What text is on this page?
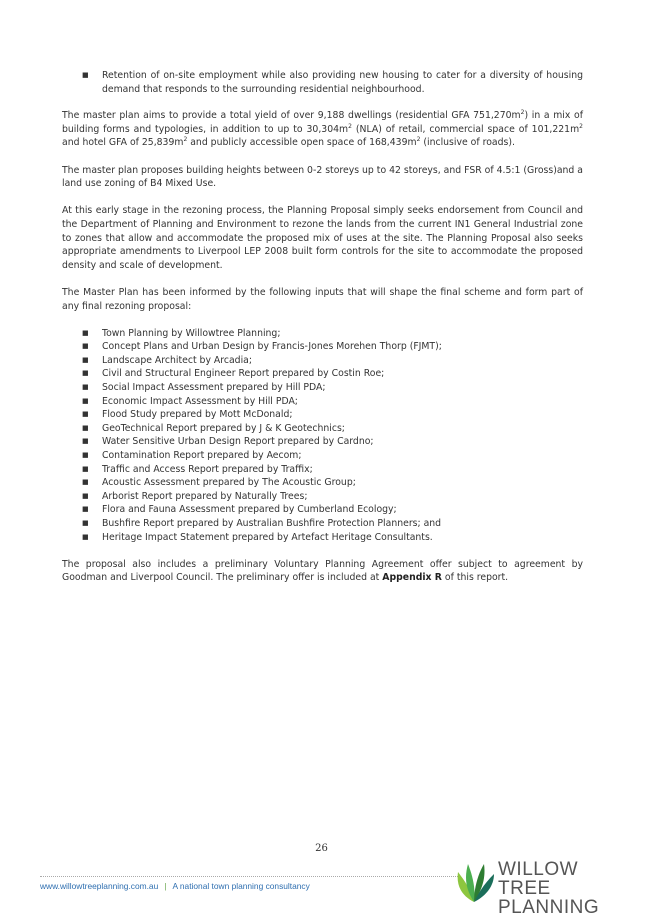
■ Retention of on-site employment while also providing new housing to cater for a diversity of housing demand that responds to the surrounding residential neighbourhood.

The master plan aims to provide a total yield of over 9,188 dwellings (residential GFA $751,270m^2$) in a mix of building forms and typologies, in addition to up to $30,304m^2$ (NLA) of retail, commercial space of $101,221m^2$ and hotel GFA of $25,839m^2$ and publicly accessible open space of $168,439m^2$ (inclusive of roads).

The master plan proposes building heights between 0-2 storeys up to 42 storeys, and FSR of 4.5:1 (Gross)and a land use zoning of B4 Mixed Use.

At this early stage in the rezoning process, the Planning Proposal simply seeks endorsement from Council and the Department of Planning and Environment to rezone the lands from the current IN1 General Industrial zone to zones that allow and accommodate the proposed mix of uses at the site. The Planning Proposal also seeks appropriate amendments to Liverpool LEP 2008 built form controls for the site to accommodate the proposed density and scale of development.

The Master Plan has been informed by the following inputs that will shape the final scheme and form part of any final rezoning proposal:

■ Town Planning by Willowtree Planning;
■ Concept Plans and Urban Design by Francis-Jones Morehen Thorp (FJMT);
■ Landscape Architect by Arcadia;
■ Civil and Structural Engineer Report prepared by Costin Roe;
■ Social Impact Assessment prepared by Hill PDA;
■ Economic Impact Assessment by Hill PDA;
■ Flood Study prepared by Mott McDonald;
■ GeoTechnical Report prepared by J & K Geotechnics;
■ Water Sensitive Urban Design Report prepared by Cardno;
■ Contamination Report prepared by Aecom;
■ Traffic and Access Report prepared by Traffix;
■ Acoustic Assessment prepared by The Acoustic Group;
■ Arborist Report prepared by Naturally Trees;
■ Flora and Fauna Assessment prepared by Cumberland Ecology;
■ Bushfire Report prepared by Australian Bushfire Protection Planners; and
■ Heritage Impact Statement prepared by Artefact Heritage Consultants.

The proposal also includes a preliminary Voluntary Planning Agreement offer subject to agreement by Goodman and Liverpool Council. The preliminary offer is included at Appendix R of this report.

26
www.willowtreeplanning.com.au | A national town planning consultancy
WILLOW TREE
PLANNING
